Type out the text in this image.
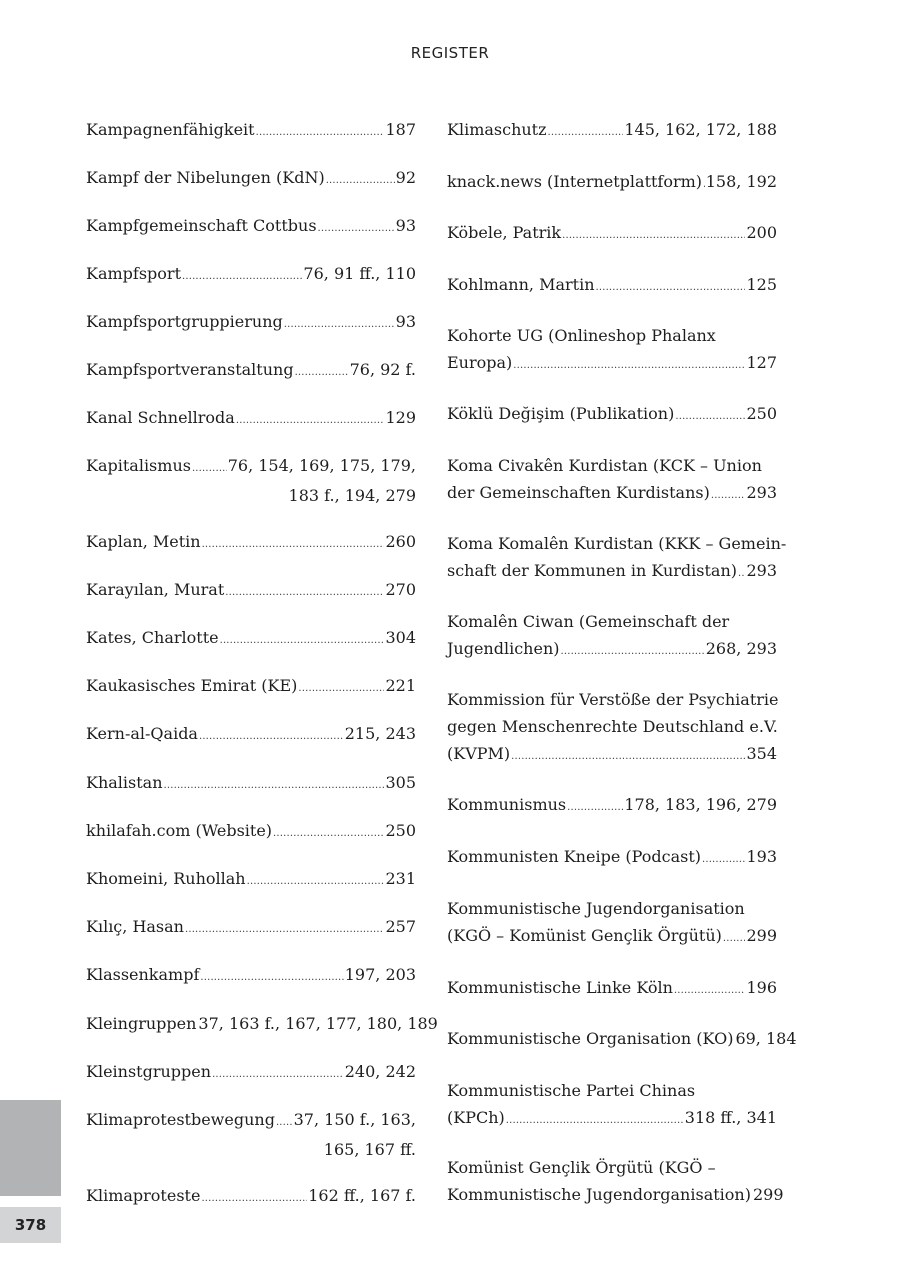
REGISTER
Kampagnenfähigkeit . . .	187
Kampf der Nibelungen (KdN) . . .	92
Kampfgemeinschaft Cottbus . . .	93
Kampfsport . . .	76, 91 ff., 110
Kampfsportgruppierung . . .	93
Kampfsportveranstaltung . . .	76, 92 f.
Kanal Schnellroda . . .	129
Kapitalismus . . . 76, 154, 169, 175, 179,
183 f., 194, 279
Kaplan, Metin . . .	260
Karayılan, Murat . . .	270
Kates, Charlotte . . .	304
Kaukasisches Emirat (KE) . . .	221
Kern-al-Qaida . . .	215, 243
Khalistan . . .	305
khilafah.com (Website) . . .	250
Khomeini, Ruhollah . . .	231
Kılıç, Hasan . . .	257
Klassenkampf . . .	197, 203
Kleingruppen 37, 163 f., 167, 177, 180, 189
Kleinstgruppen . . .	240, 242
Klimaprotestbewegung . . . 37, 150 f., 163,
165, 167 ff.
Klimaproteste . . .	162 ff., 167 f.
Klimaschutz . . .	145, 162, 172, 188
knack.news (Internetplattform) . . . 158, 192
Köbele, Patrik . . .	200
Kohlmann, Martin . . .	125
Kohorte UG (Onlineshop Phalanx
Europa) . . .	127
Köklü Değişim (Publikation) . . .	250
Koma Civakên Kurdistan (KCK – Union
der Gemeinschaften Kurdistans) . . . 293
Koma Komalên Kurdistan (KKK – Gemein-
schaft der Kommunen in Kurdistan) . . . 293
Komalên Ciwan (Gemeinschaft der
Jugendlichen) . . .	268, 293
Kommission für Verstöße der Psychiatrie
gegen Menschenrechte Deutschland e.V.
(KVPM) . . .	354
Kommunismus . . .	178, 183, 196, 279
Kommunisten Kneipe (Podcast) . . .	193
Kommunistische Jugendorganisation
(KGÖ – Komünist Gençlik Örgütü) . . . 299
Kommunistische Linke Köln . . .	196
Kommunistische Organisation (KO) 69, 184
Kommunistische Partei Chinas
(KPCh) . . .	318 ff., 341
Komünist Gençlik Örgütü (KGÖ –
Kommunistische Jugendorganisation) 299
378
